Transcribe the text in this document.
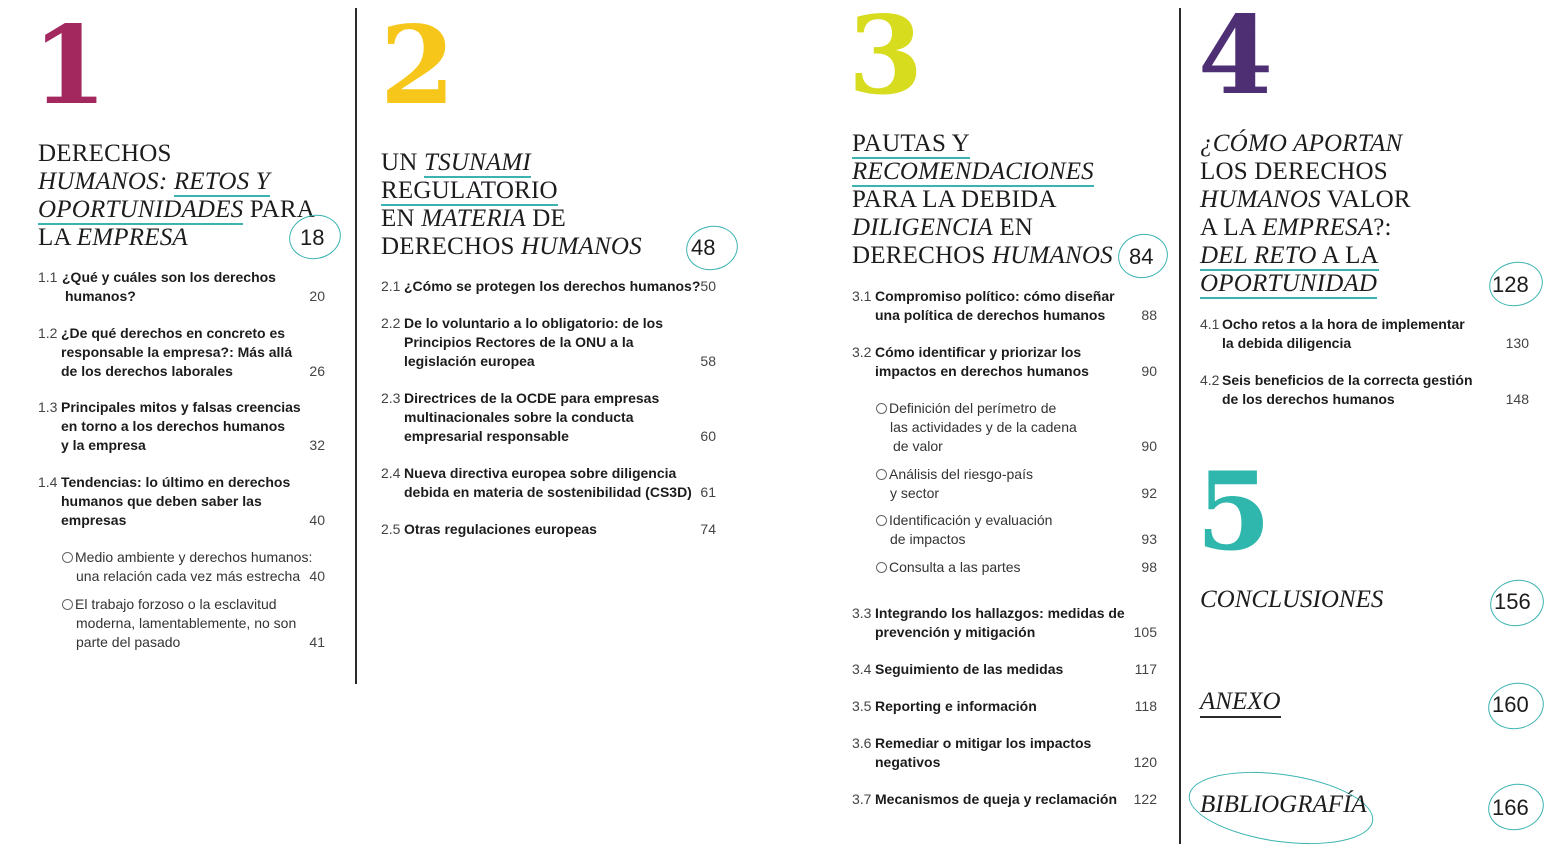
1
DERECHOS
HUMANOS: RETOS Y
OPORTUNIDADES PARA
LA EMPRESA	18
1.1 ¿Qué y cuáles son los derechos
humanos?	20
1.2 ¿De qué derechos en concreto es
responsable la empresa?: Más allá
de los derechos laborales	26
1.3 Principales mitos y falsas creencias
en torno a los derechos humanos
y la empresa	32
1.4 Tendencias: lo último en derechos
humanos que deben saber las
empresas	40
Medio ambiente y derechos humanos:
una relación cada vez más estrecha 40
El trabajo forzoso o la esclavitud
moderna, lamentablemente, no son
parte del pasado	41
2
UN TSUNAMI
REGULATORIO
EN MATERIA DE
DERECHOS HUMANOS	48
2.1 ¿Cómo se protegen los derechos humanos? 50
2.2 De lo voluntario a lo obligatorio: de los
Principios Rectores de la ONU a la
legislación europea	58
2.3 Directrices de la OCDE para empresas
multinacionales sobre la conducta
empresarial responsable	60
2.4 Nueva directiva europea sobre diligencia
debida en materia de sostenibilidad (CS3D) 61
2.5 Otras regulaciones europeas	74
3
PAUTAS Y
RECOMENDACIONES
PARA LA DEBIDA
DILIGENCIA EN
DERECHOS HUMANOS 84
3.1 Compromiso político: cómo diseñar
una política de derechos humanos	88
3.2 Cómo identificar y priorizar los
impactos en derechos humanos	90
Definición del perímetro de
las actividades y de la cadena
de valor	90
Análisis del riesgo-país
y sector	92
Identificación y evaluación
de impactos	93
Consulta a las partes	98
3.3 Integrando los hallazgos: medidas de
prevención y mitigación	105
3.4 Seguimiento de las medidas	117
3.5 Reporting e información	118
3.6 Remediar o mitigar los impactos
negativos	120
3.7 Mecanismos de queja y reclamación 122
4
¿CÓMO APORTAN
LOS DERECHOS
HUMANOS VALOR
A LA EMPRESA?:
DEL RETO A LA
OPORTUNIDAD	128
4.1 Ocho retos a la hora de implementar
la debida diligencia	130
4.2 Seis beneficios de la correcta gestión
de los derechos humanos	148
5
CONCLUSIONES	156
ANEXO	160
BIBLIOGRAFÍA	166
